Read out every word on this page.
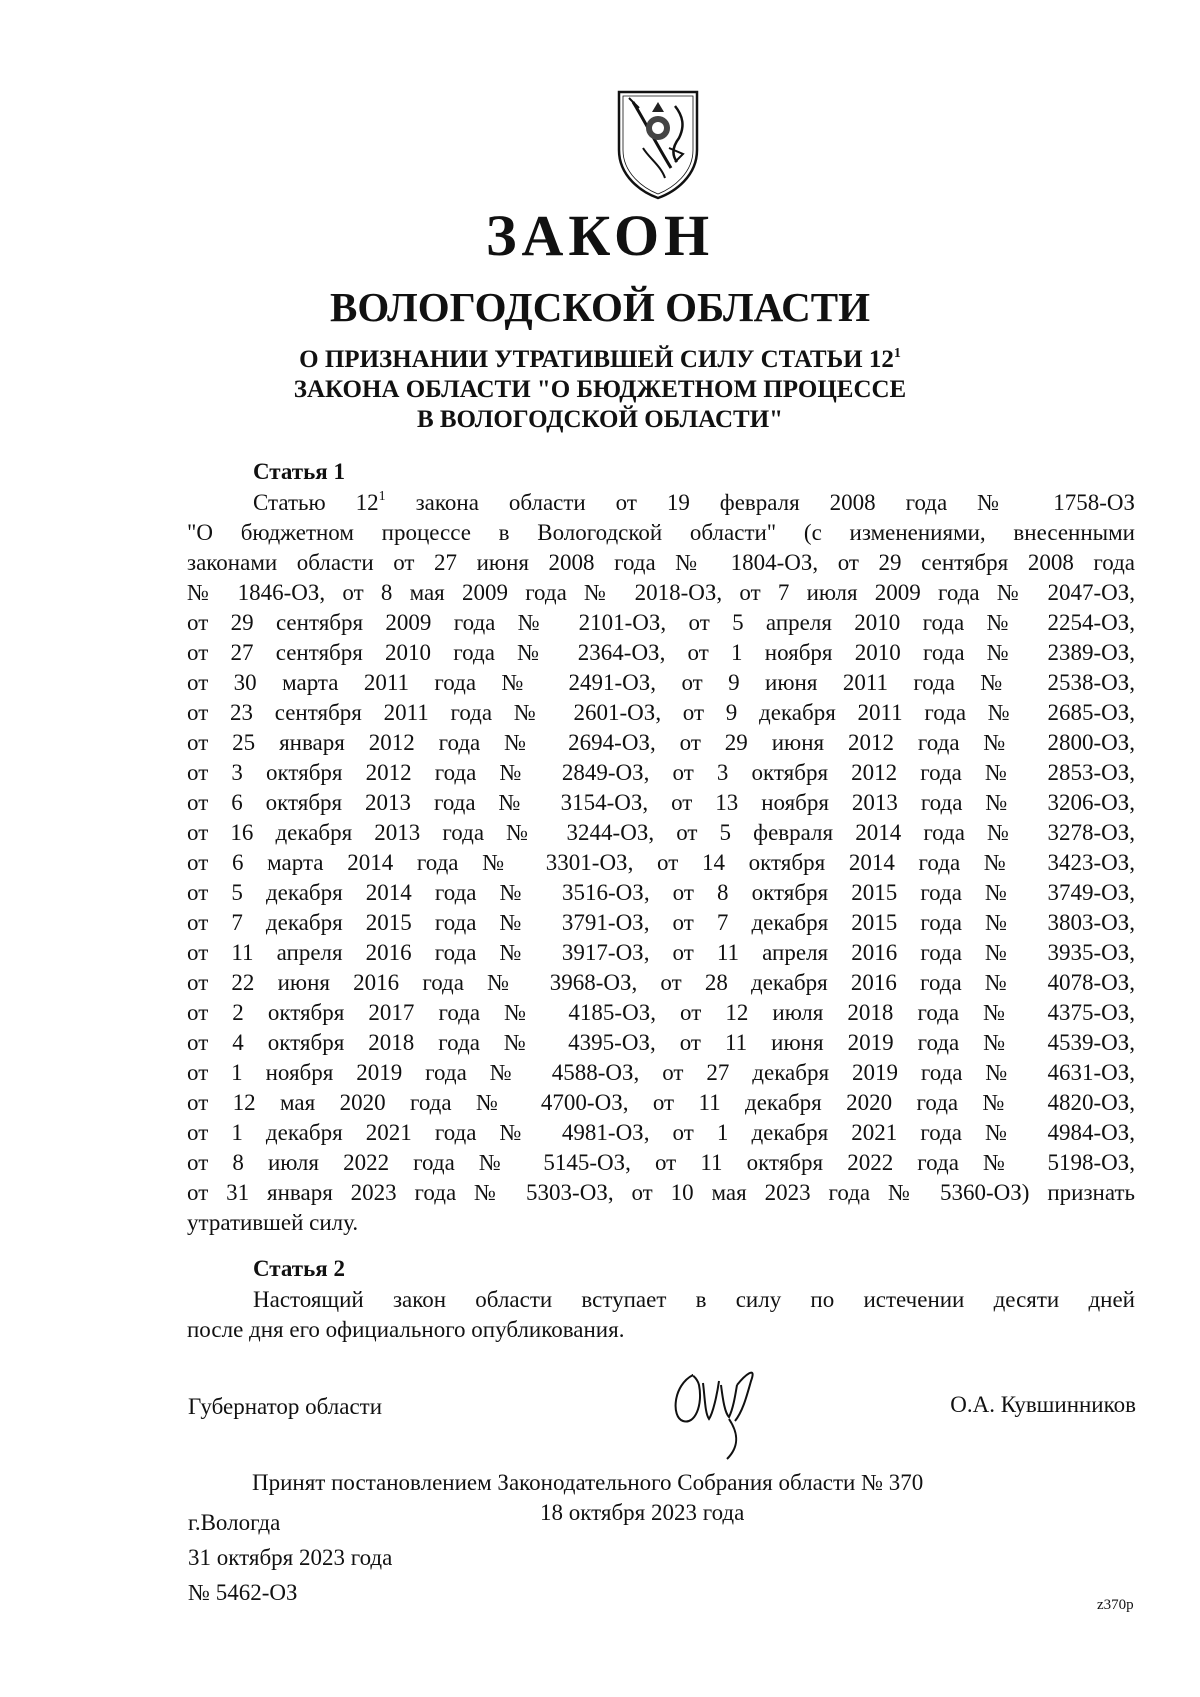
ЗАКОН
ВОЛОГОДСКОЙ ОБЛАСТИ
О ПРИЗНАНИИ УТРАТИВШЕЙ СИЛУ СТАТЬИ $12^1$
ЗАКОНА ОБЛАСТИ "О БЮДЖЕТНОМ ПРОЦЕССЕ
В ВОЛОГОДСКОЙ ОБЛАСТИ"
Статья 1
Статью $12^1$ закона области от 19 февраля 2008 года № 1758-ОЗ
"О бюджетном процессе в Вологодской области" (с изменениями, внесенными
законами области от 27 июня 2008 года № 1804-ОЗ, от 29 сентября 2008 года
№ 1846-ОЗ, от 8 мая 2009 года № 2018-ОЗ, от 7 июля 2009 года № 2047-ОЗ,
от 29 сентября 2009 года № 2101-ОЗ, от 5 апреля 2010 года № 2254-ОЗ,
от 27 сентября 2010 года № 2364-ОЗ, от 1 ноября 2010 года № 2389-ОЗ,
от 30 марта 2011 года № 2491-ОЗ, от 9 июня 2011 года № 2538-ОЗ,
от 23 сентября 2011 года № 2601-ОЗ, от 9 декабря 2011 года № 2685-ОЗ,
от 25 января 2012 года № 2694-ОЗ, от 29 июня 2012 года № 2800-ОЗ,
от 3 октября 2012 года № 2849-ОЗ, от 3 октября 2012 года № 2853-ОЗ,
от 6 октября 2013 года № 3154-ОЗ, от 13 ноября 2013 года № 3206-ОЗ,
от 16 декабря 2013 года № 3244-ОЗ, от 5 февраля 2014 года № 3278-ОЗ,
от 6 марта 2014 года № 3301-ОЗ, от 14 октября 2014 года № 3423-ОЗ,
от 5 декабря 2014 года № 3516-ОЗ, от 8 октября 2015 года № 3749-ОЗ,
от 7 декабря 2015 года № 3791-ОЗ, от 7 декабря 2015 года № 3803-ОЗ,
от 11 апреля 2016 года № 3917-ОЗ, от 11 апреля 2016 года № 3935-ОЗ,
от 22 июня 2016 года № 3968-ОЗ, от 28 декабря 2016 года № 4078-ОЗ,
от 2 октября 2017 года № 4185-ОЗ, от 12 июля 2018 года № 4375-ОЗ,
от 4 октября 2018 года № 4395-ОЗ, от 11 июня 2019 года № 4539-ОЗ,
от 1 ноября 2019 года № 4588-ОЗ, от 27 декабря 2019 года № 4631-ОЗ,
от 12 мая 2020 года № 4700-ОЗ, от 11 декабря 2020 года № 4820-ОЗ,
от 1 декабря 2021 года № 4981-ОЗ, от 1 декабря 2021 года № 4984-ОЗ,
от 8 июля 2022 года № 5145-ОЗ, от 11 октября 2022 года № 5198-ОЗ,
от 31 января 2023 года № 5303-ОЗ, от 10 мая 2023 года № 5360-ОЗ) признать
утратившей силу.
Статья 2
Настоящий закон области вступает в силу по истечении десяти дней
после дня его официального опубликования.
Губернатор области	О.А. Кувшинников
Принят постановлением Законодательного Собрания области № 370
18 октября 2023 года
г.Вологда
31 октября 2023 года
№ 5462-ОЗ	z370р
